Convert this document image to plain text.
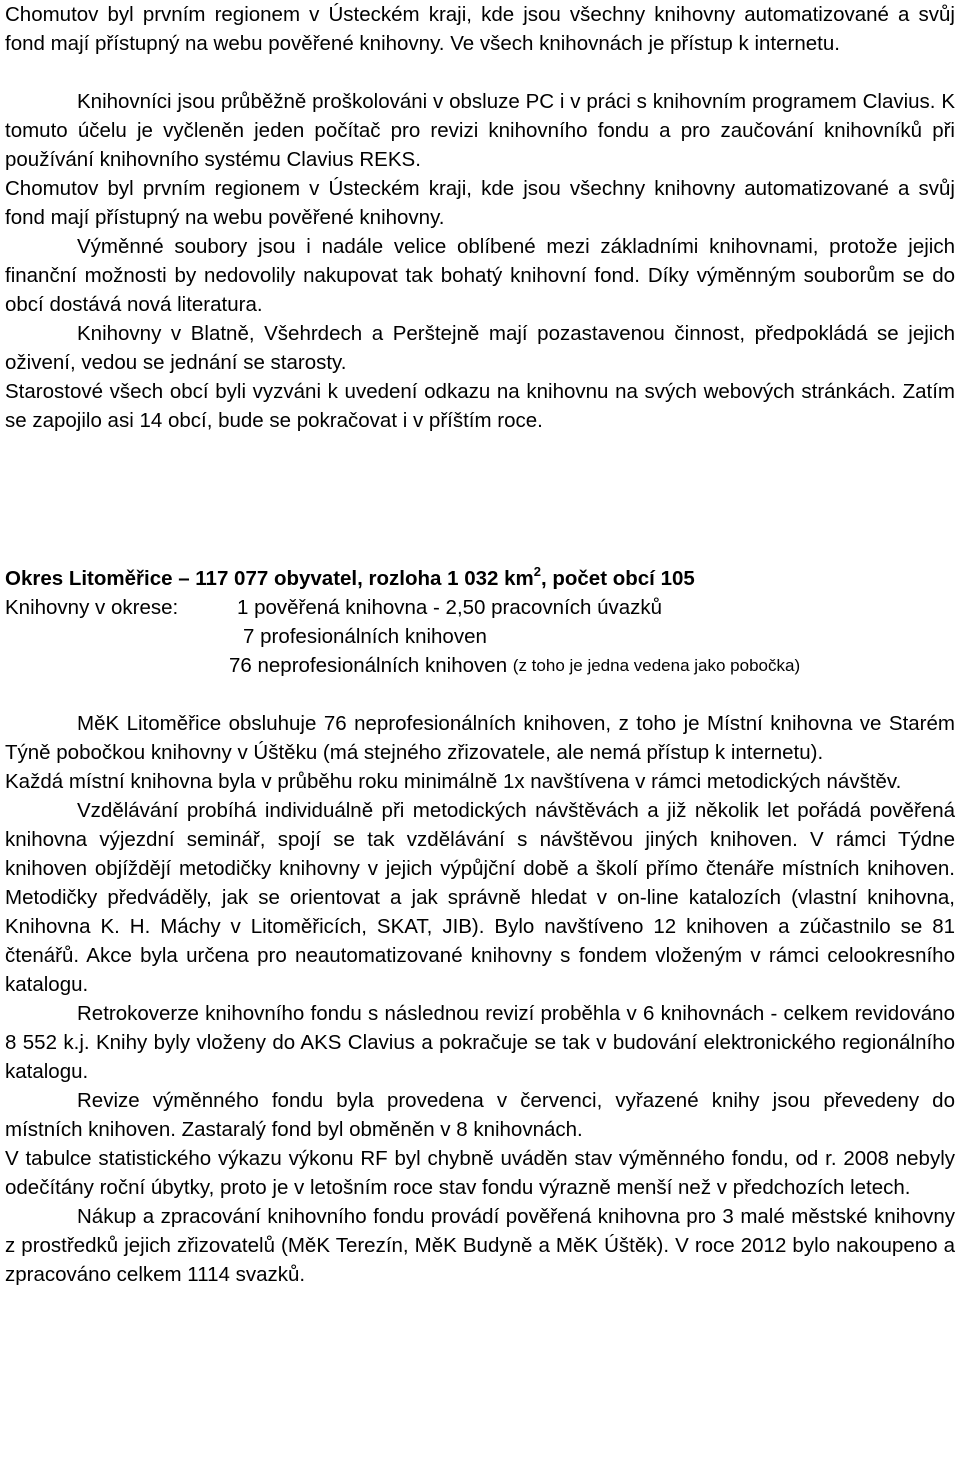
Chomutov byl prvním regionem v Ústeckém kraji, kde jsou všechny knihovny automatizované a svůj fond mají přístupný na webu pověřené knihovny. Ve všech knihovnách je přístup k internetu.

Knihovníci jsou průběžně proškolováni v obsluze PC i v práci s knihovním programem Clavius. K tomuto účelu je vyčleněn jeden počítač pro revizi knihovního fondu a pro zaučování knihovníků při používání knihovního systému Clavius REKS.

Chomutov byl prvním regionem v Ústeckém kraji, kde jsou všechny knihovny automatizované a svůj fond mají přístupný na webu pověřené knihovny.

Výměnné soubory jsou i nadále velice oblíbené mezi základními knihovnami, protože jejich finanční možnosti by nedovolily nakupovat tak bohatý knihovní fond. Díky výměnným souborům se do obcí dostává nová literatura.

Knihovny v Blatně, Všehrdech a Perštejně mají pozastavenou činnost, předpokládá se jejich oživení, vedou se jednání se starosty.

Starostové všech obcí byli vyzváni k uvedení odkazu na knihovnu na svých webových stránkách. Zatím se zapojilo asi 14 obcí, bude se pokračovat i v příštím roce.

Okres Litoměřice – 117 077 obyvatel, rozloha 1 032 $km^2$, počet obcí 105

Knihovny v okrese:	1 pověřená knihovna - 2,50 pracovních úvazků
7 profesionálních knihoven
76 neprofesionálních knihoven
(z toho je jedna vedena jako pobočka)

MěK Litoměřice obsluhuje 76 neprofesionálních knihoven, z toho je Místní knihovna ve Starém Týně pobočkou knihovny v Úštěku (má stejného zřizovatele, ale nemá přístup k internetu).

Každá místní knihovna byla v průběhu roku minimálně 1x navštívena v rámci metodických návštěv.

Vzdělávání probíhá individuálně při metodických návštěvách a již několik let pořádá pověřená knihovna výjezdní seminář, spojí se tak vzdělávání s návštěvou jiných knihoven. V rámci Týdne knihoven objíždějí metodičky knihovny v jejich výpůjční době a školí přímo čtenáře místních knihoven. Metodičky předváděly, jak se orientovat a jak správně hledat v on-line katalozích (vlastní knihovna, Knihovna K. H. Máchy v Litoměřicích, SKAT, JIB). Bylo navštíveno 12 knihoven a zúčastnilo se 81 čtenářů. Akce byla určena pro neautomatizované knihovny s fondem vloženým v rámci celookresního katalogu.

Retrokoverze knihovního fondu s následnou revizí proběhla v 6 knihovnách - celkem revidováno 8 552 k.j. Knihy byly vloženy do AKS Clavius a pokračuje se tak v budování elektronického regionálního katalogu.

Revize výměnného fondu byla provedena v červenci, vyřazené knihy jsou převedeny do místních knihoven. Zastaralý fond byl obměněn v 8 knihovnách.

V tabulce statistického výkazu výkonu RF byl chybně uváděn stav výměnného fondu, od r. 2008 nebyly odečítány roční úbytky, proto je v letošním roce stav fondu výrazně menší než v předchozích letech.

Nákup a zpracování knihovního fondu provádí pověřená knihovna pro 3 malé městské knihovny z prostředků jejich zřizovatelů (MěK Terezín, MěK Budyně a MěK Úštěk). V roce 2012 bylo nakoupeno a zpracováno celkem 1114 svazků.
